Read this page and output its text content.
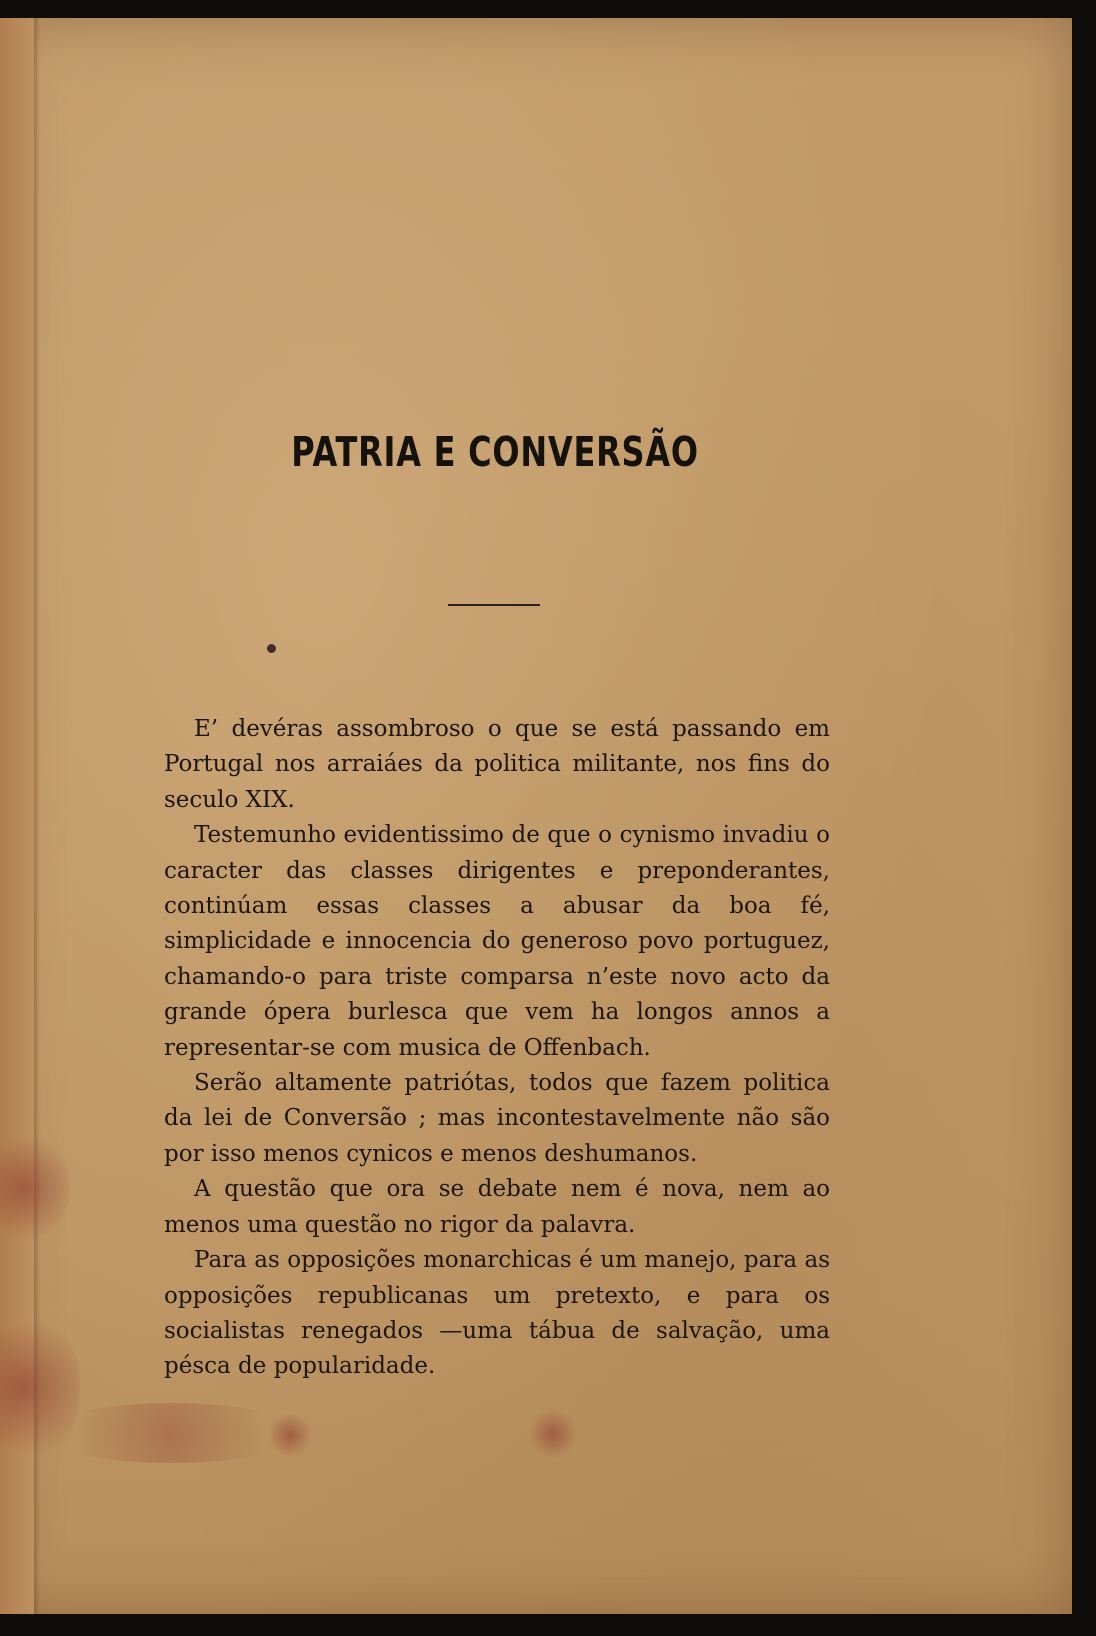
PATRIA E CONVERSÃO

E’ devéras assombroso o que se está passando em Portugal nos arraiáes da politica militante, nos fins do seculo XIX.

Testemunho evidentissimo de que o cynismo invadiu o caracter das classes dirigentes e preponderantes, continúam essas classes a abusar da boa fé, simplicidade e innocencia do generoso povo portuguez, chamando-o para triste comparsa n’este novo acto da grande ópera burlesca que vem ha longos annos a representar-se com musica de Offenbach.

Serão altamente patriótas, todos que fazem politica da lei de Conversão ; mas incontestavelmente não são por isso menos cynicos e menos deshumanos.

A questão que ora se debate nem é nova, nem ao menos uma questão no rigor da palavra.

Para as opposições monarchicas é um manejo, para as opposições republicanas um pretexto, e para os socialistas renegados —uma tábua de salvação, uma pésca de popularidade.
